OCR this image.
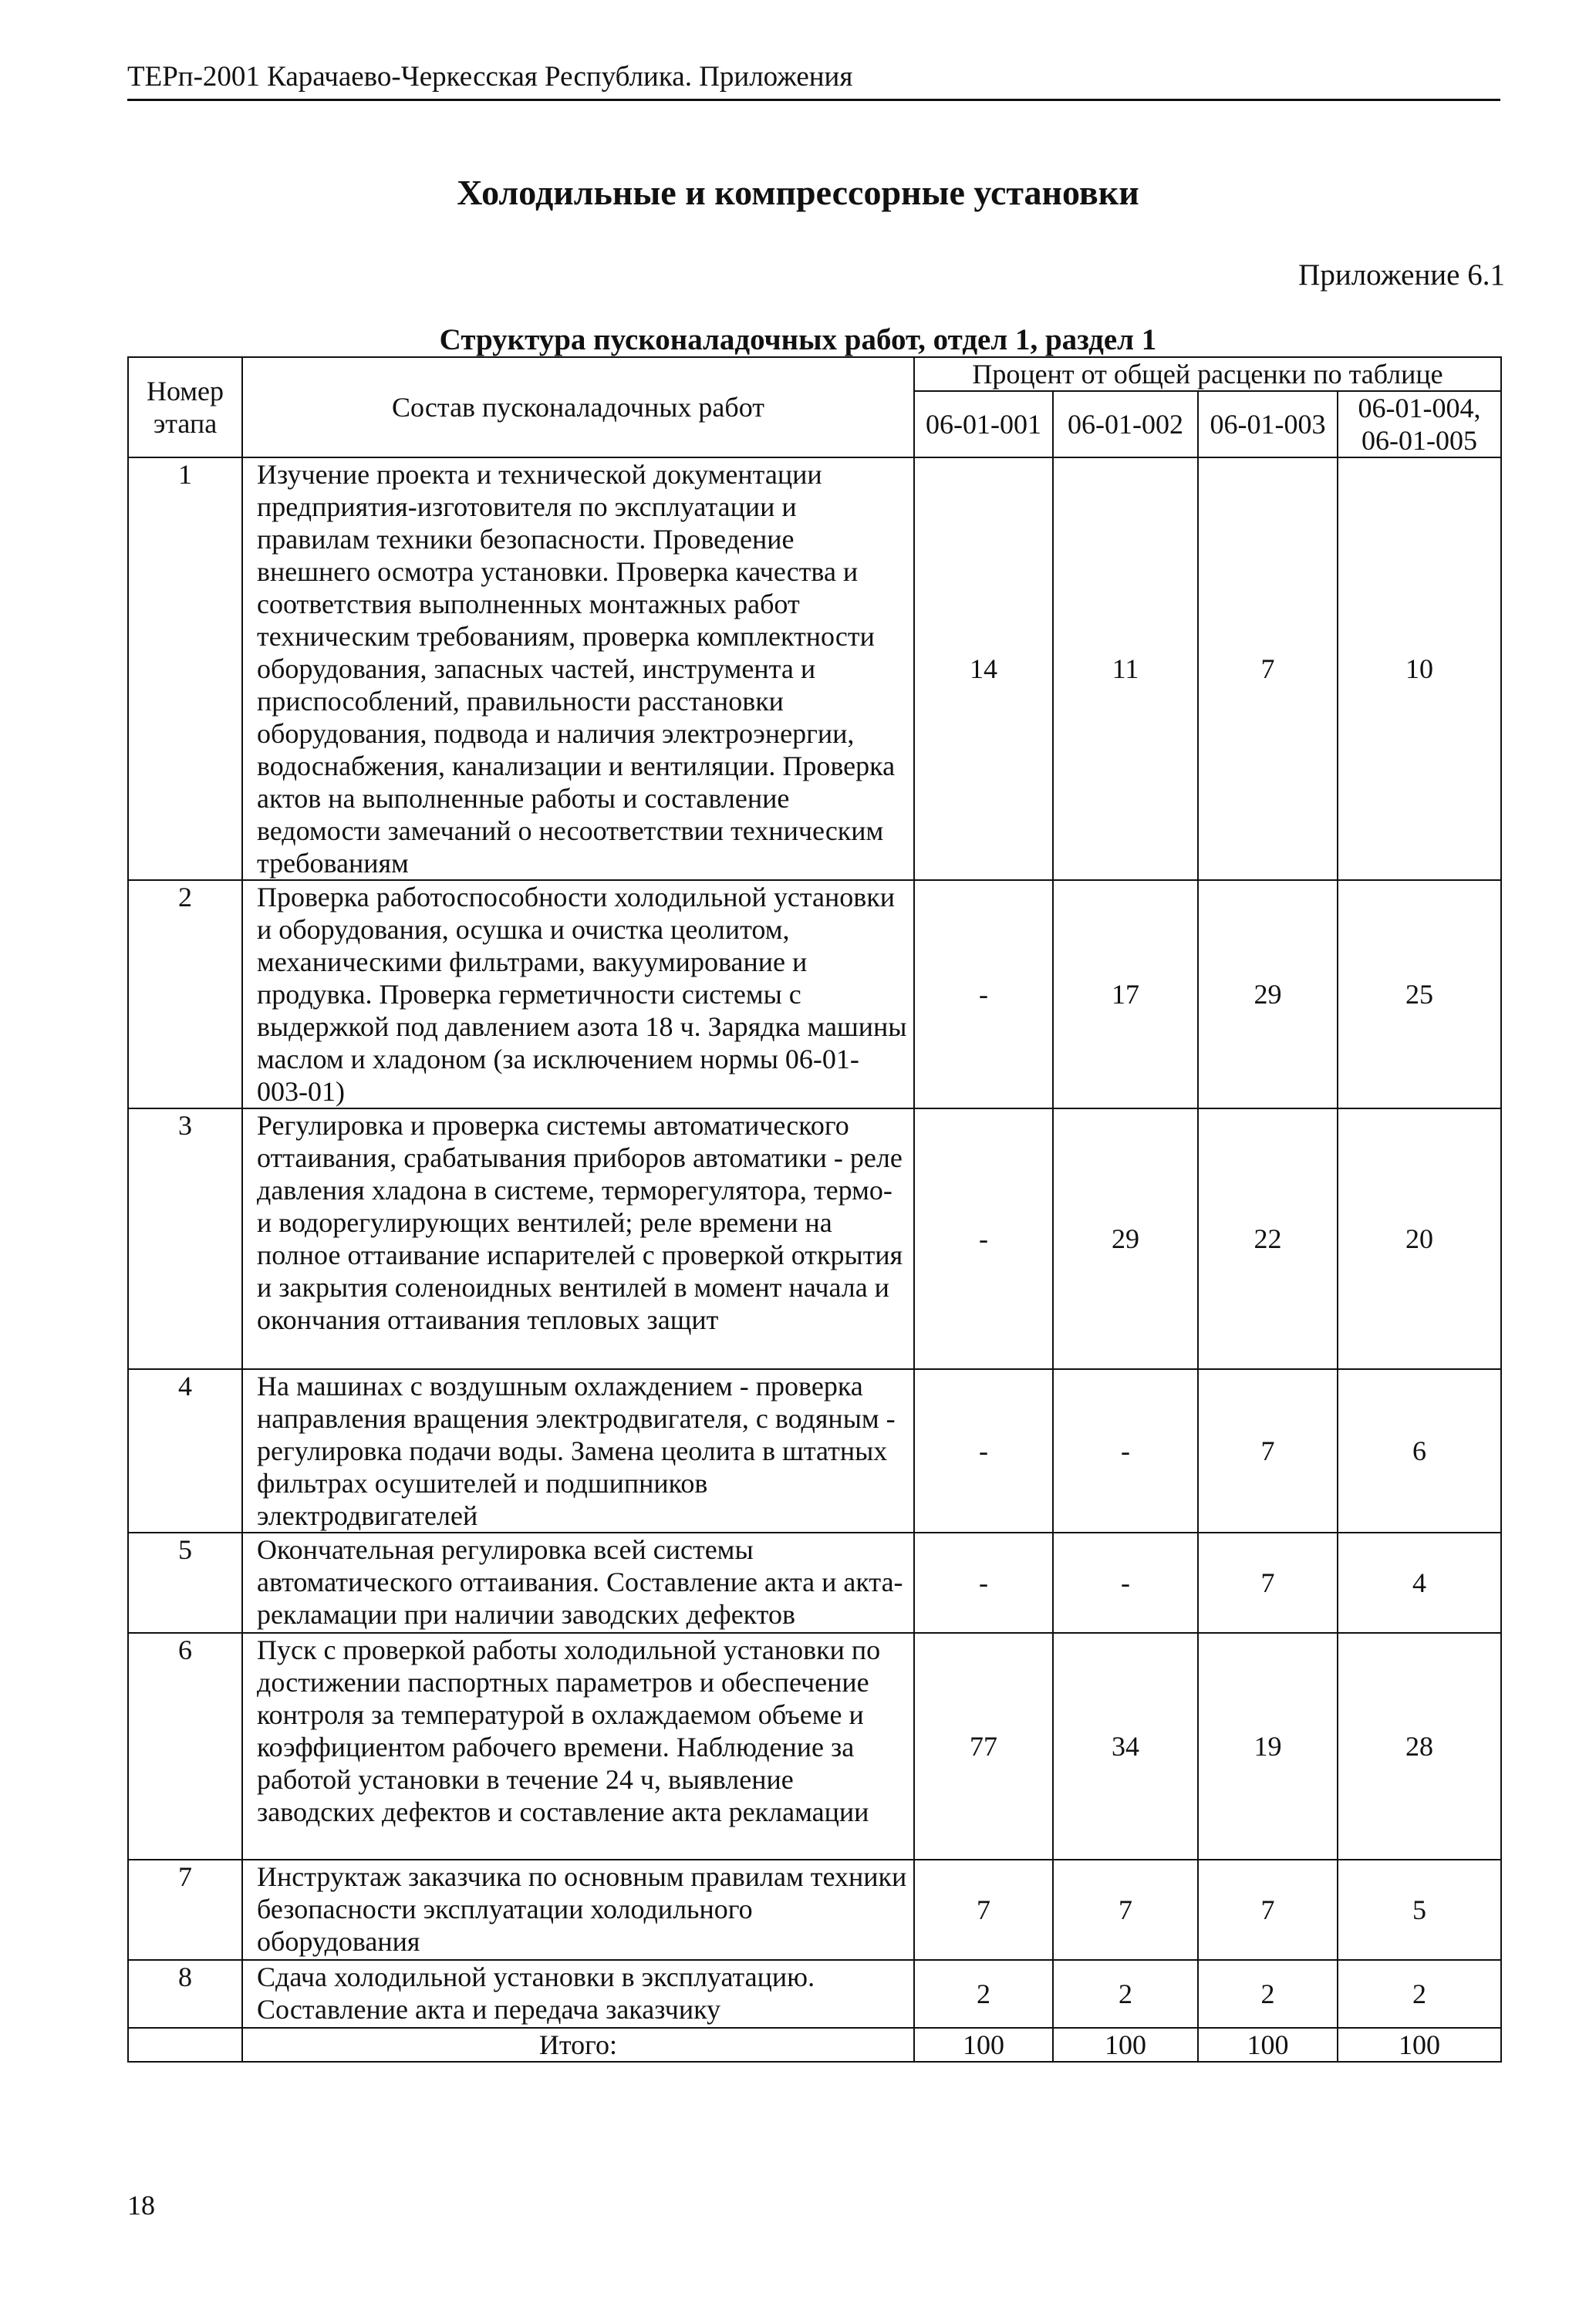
ТЕРп-2001 Карачаево-Черкесская Республика. Приложения
Холодильные и компрессорные установки
Приложение 6.1
Структура пусконаладочных работ, отдел 1, раздел 1
Номер этапа	Состав пусконаладочных работ	Процент от общей расценки по таблице			
		06-01-001	06-01-002	06-01-003	06-01-004, 06-01-005
1	Изучение проекта и технической документации предприятия-изготовителя по эксплуатации и правилам техники безопасности. Проведение внешнего осмотра установки. Проверка качества и соответствия выполненных монтажных работ техническим требованиям, проверка комплектности оборудования, запасных частей, инструмента и приспособлений, правильности расстановки оборудования, подвода и наличия электроэнергии, водоснабжения, канализации и вентиляции. Проверка актов на выполненные работы и составление ведомости замечаний о несоответствии техническим требованиям	14	11	7	10
2	Проверка работоспособности холодильной установки и оборудования, осушка и очистка цеолитом, механическими фильтрами, вакуумирование и продувка. Проверка герметичности системы с выдержкой под давлением азота 18 ч. Зарядка машины маслом и хладоном (за исключением нормы 06-01-003-01)	-	17	29	25
3	Регулировка и проверка системы автоматического оттаивания, срабатывания приборов автоматики - реле давления хладона в системе, терморегулятора, термо- и водорегулирующих вентилей; реле времени на полное оттаивание испарителей с проверкой открытия и закрытия соленоидных вентилей в момент начала и окончания оттаивания тепловых защит	-	29	22	20
4	На машинах с воздушным охлаждением - проверка направления вращения электродвигателя, с водяным - регулировка подачи воды. Замена цеолита в штатных фильтрах осушителей и подшипников электродвигателей	-	-	7	6
5	Окончательная регулировка всей системы автоматического оттаивания. Составление акта и акта-рекламации при наличии заводских дефектов	-	-	7	4
6	Пуск с проверкой работы холодильной установки по достижении паспортных параметров и обеспечение контроля за температурой в охлаждаемом объеме и коэффициентом рабочего времени. Наблюдение за работой установки в течение 24 ч, выявление заводских дефектов и составление акта рекламации	77	34	19	28
7	Инструктаж заказчика по основным правилам техники безопасности эксплуатации холодильного оборудования	7	7	7	5
8	Сдача холодильной установки в эксплуатацию. Составление акта и передача заказчику	2	2	2	2
	Итого:	100	100	100	100
18
